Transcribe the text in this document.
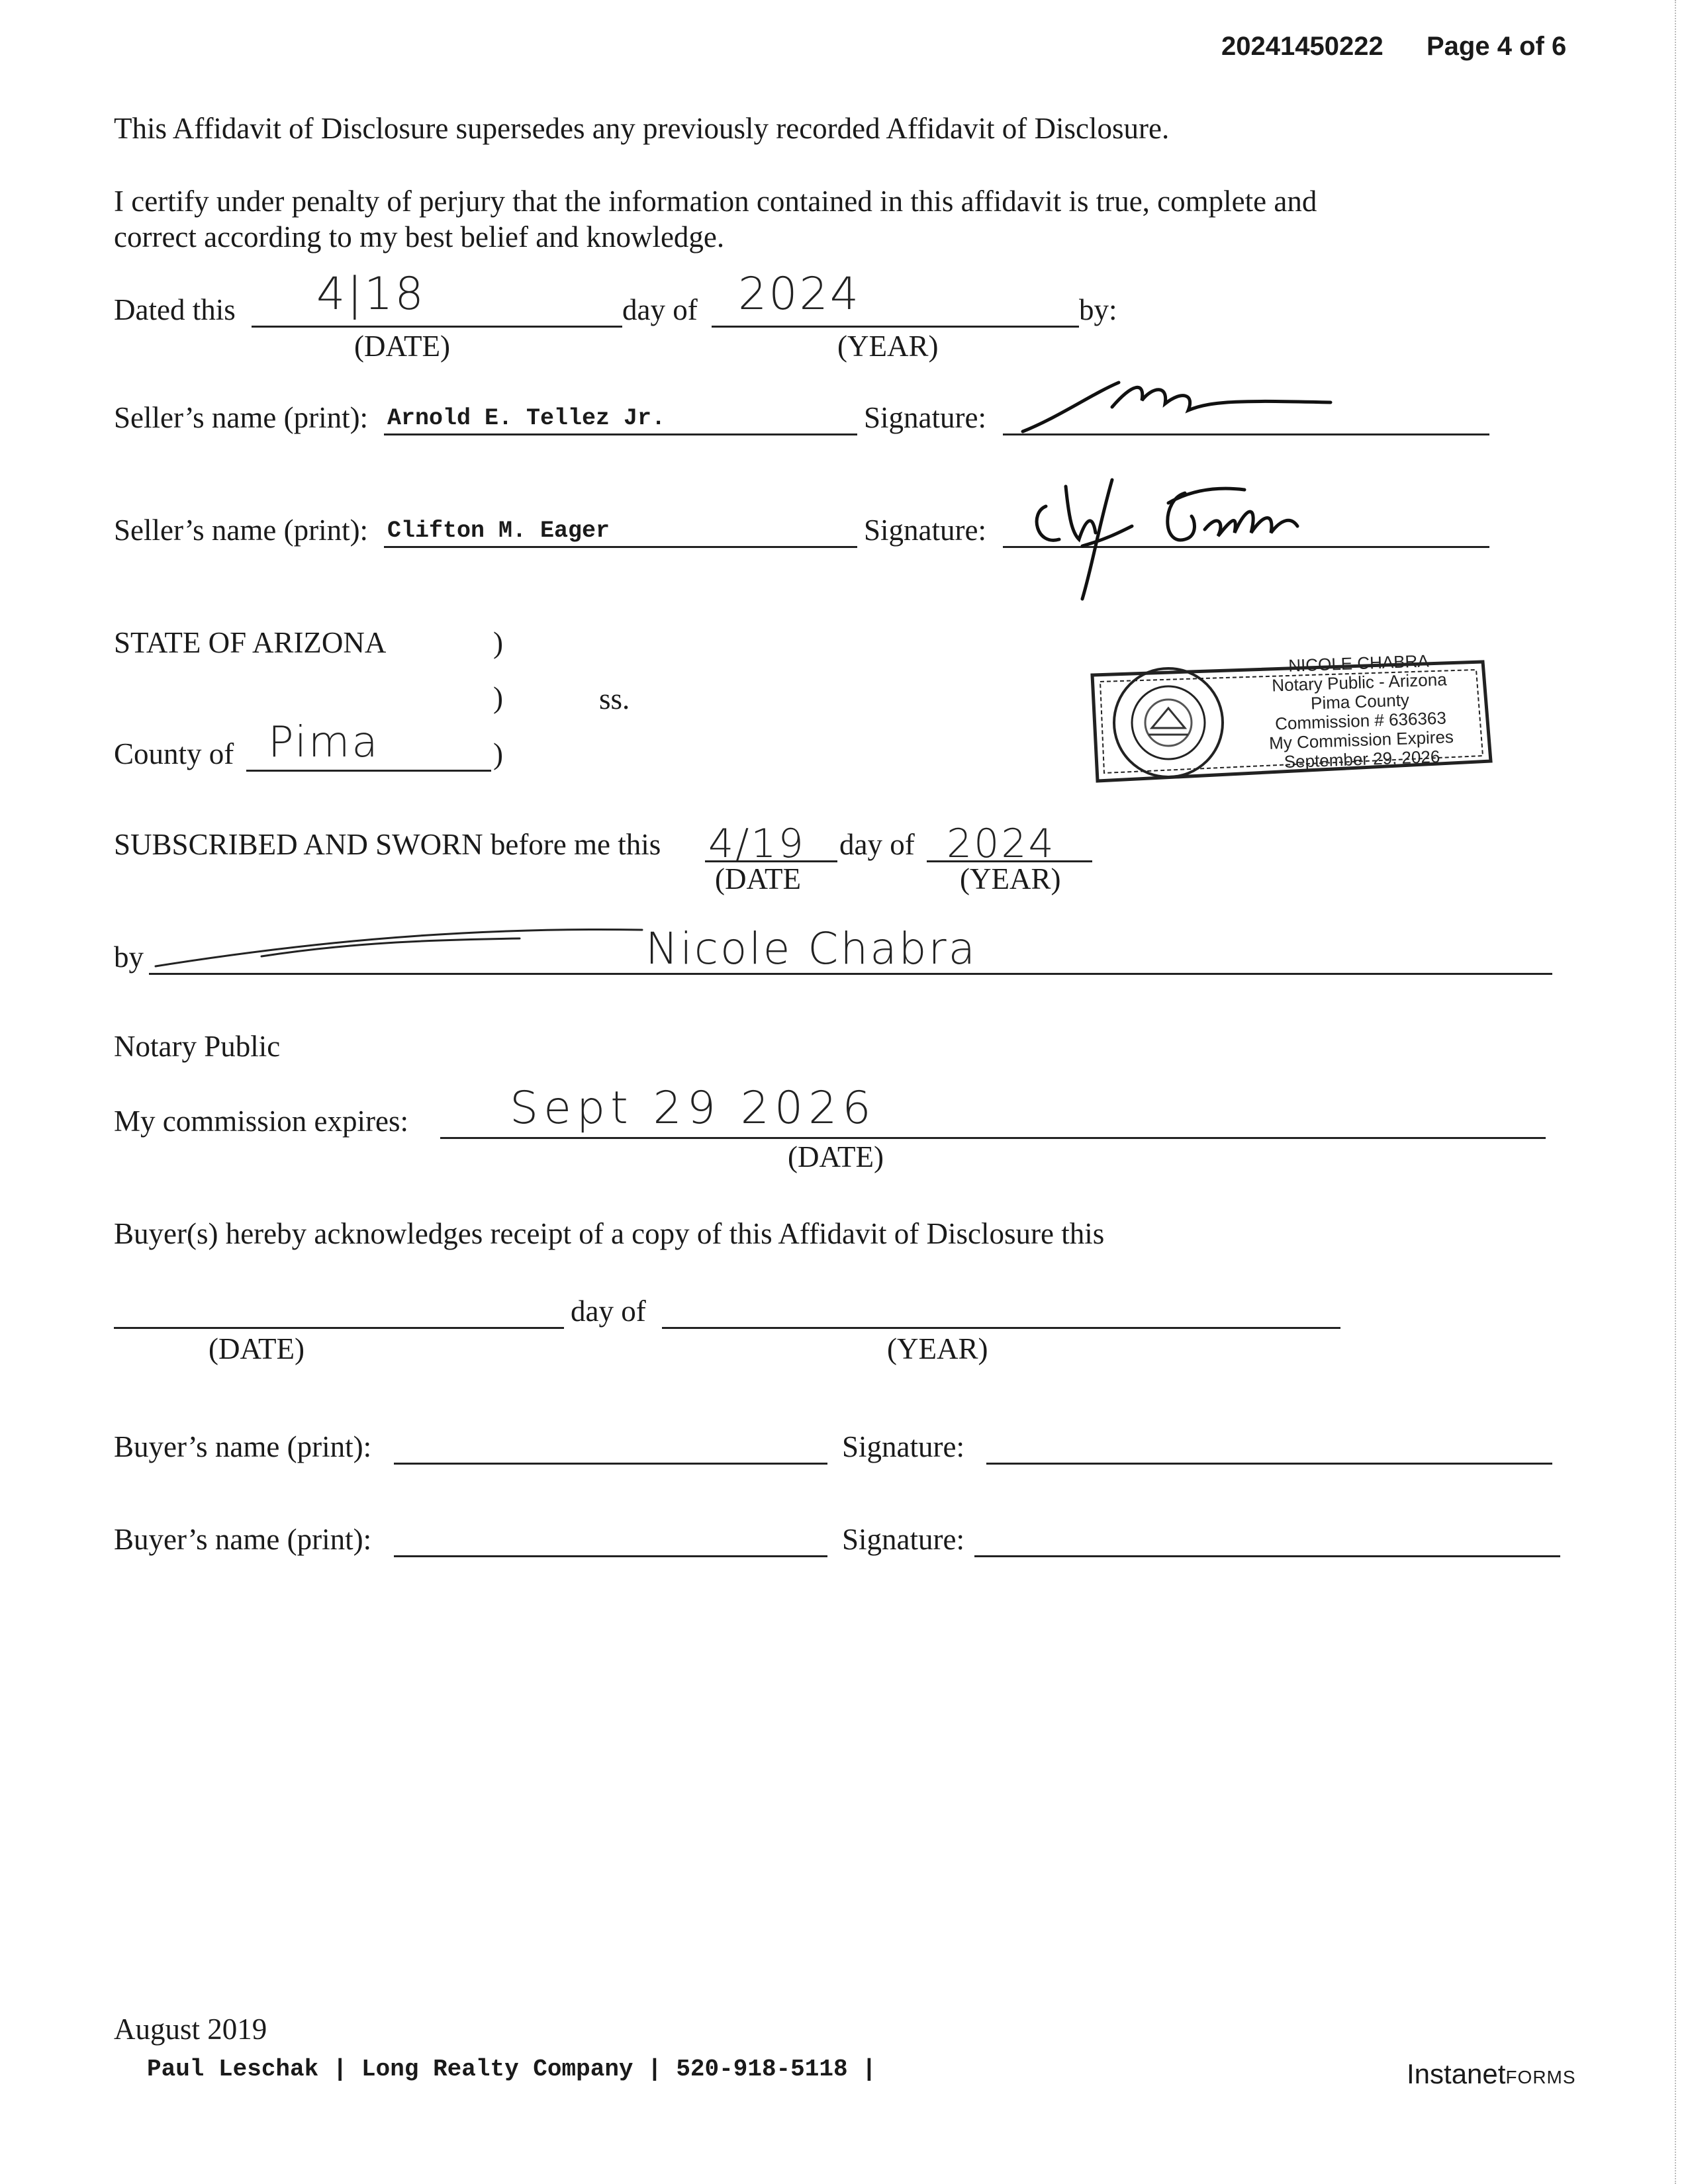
20241450222 Page 4 of 6
This Affidavit of Disclosure supersedes any previously recorded Affidavit of Disclosure.
I certify under penalty of perjury that the information contained in this affidavit is true, complete and
correct according to my best belief and knowledge.
Dated this 4|18	day of 2024	by:
(DATE)	(YEAR)
Seller’s name (print): Arnold E. Tellez Jr.	Signature:
Seller’s name (print): Clifton M. Eager	Signature:
STATE OF ARIZONA	)
)	ss.
County of Pima	)
NICOLE CHABRA
Notary Public - Arizona
Pima County
Commission # 636363
My Commission Expires
September 29, 2026
SUBSCRIBED AND SWORN before me this 4/19 day of 2024
(DATE	(YEAR)
by	Nicole Chabra
Notary Public
My commission expires: Sept 29 2026
(DATE)
Buyer(s) hereby acknowledges receipt of a copy of this Affidavit of Disclosure this
day of
(DATE)	(YEAR)
Buyer’s name (print):	Signature:
Buyer’s name (print):	Signature:
August 2019
Paul Leschak | Long Realty Company | 520-918-5118 |	InstanetFORMS
